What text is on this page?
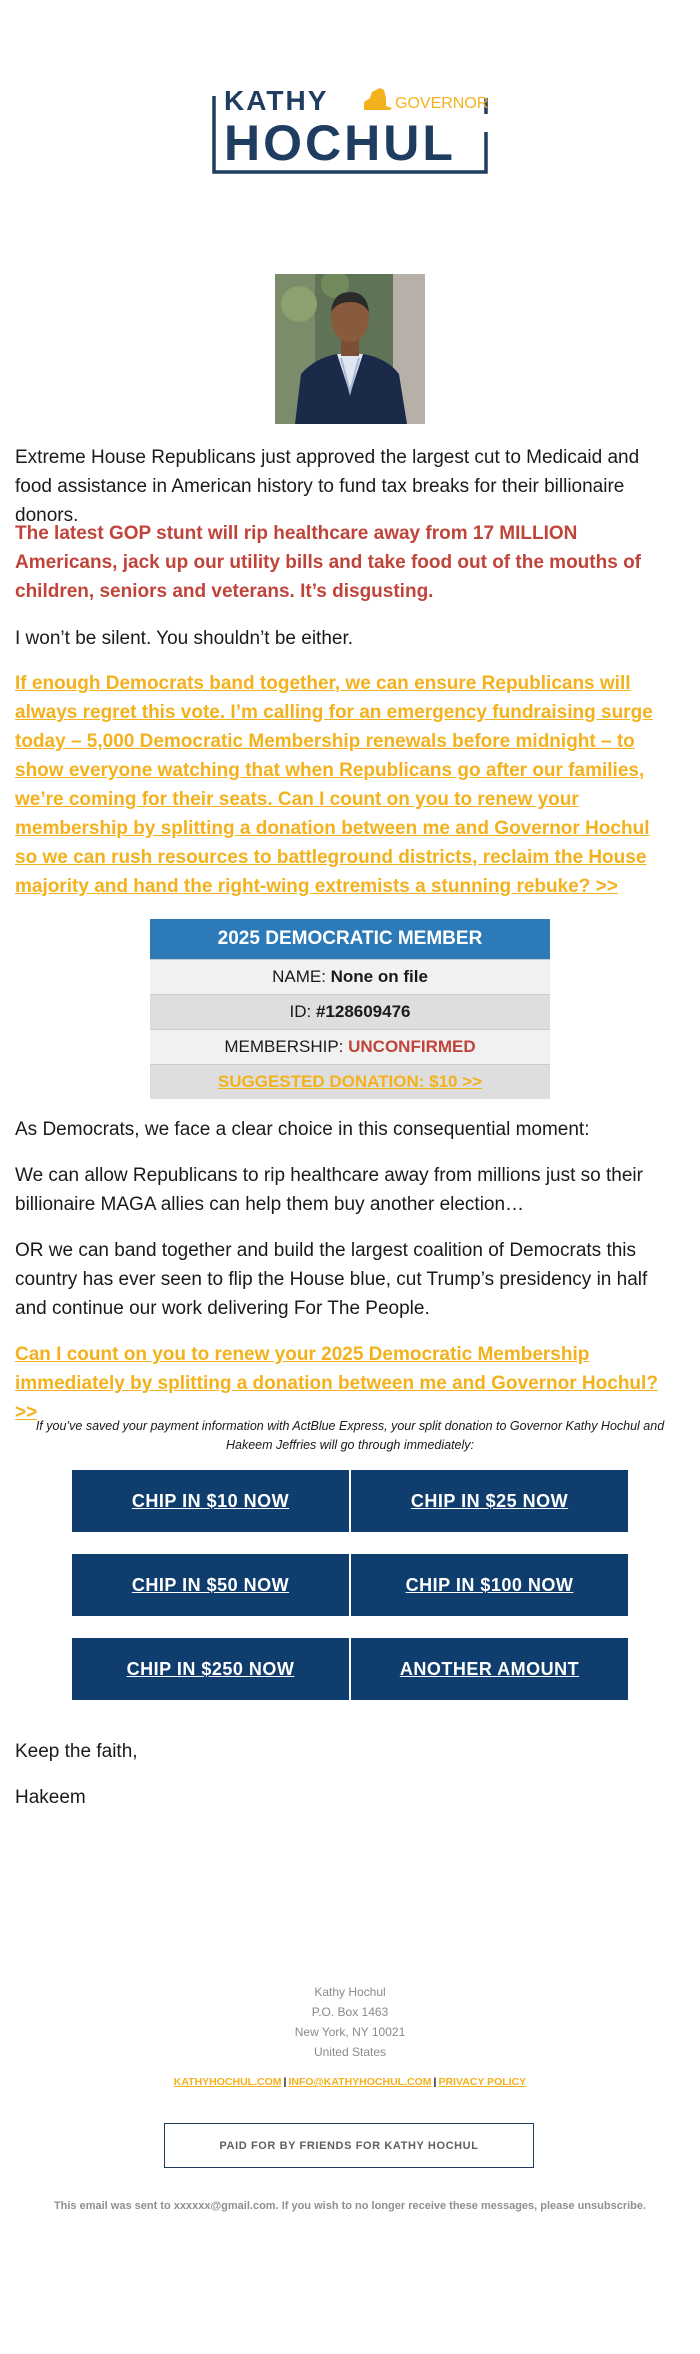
KATHY	GOVERNOR
HOCHUL

Extreme House Republicans just approved the largest cut to Medicaid and food assistance in American history to fund tax breaks for their billionaire donors.

The latest GOP stunt will rip healthcare away from 17 MILLION Americans, jack up our utility bills and take food out of the mouths of children, seniors and veterans. It’s disgusting.

I won’t be silent. You shouldn’t be either.

If enough Democrats band together, we can ensure Republicans will always regret this vote. I’m calling for an emergency fundraising surge today – 5,000 Democratic Membership renewals before midnight – to show everyone watching that when Republicans go after our families, we’re coming for their seats. Can I count on you to renew your membership by splitting a donation between me and Governor Hochul so we can rush resources to battleground districts, reclaim the House majority and hand the right-wing extremists a stunning rebuke? >>
2025 DEMOCRATIC MEMBER
NAME: None on file
ID: #128609476
MEMBERSHIP: UNCONFIRMED
SUGGESTED DONATION: $10 >>

As Democrats, we face a clear choice in this consequential moment:

We can allow Republicans to rip healthcare away from millions just so their billionaire MAGA allies can help them buy another election…

OR we can band together and build the largest coalition of Democrats this country has ever seen to flip the House blue, cut Trump’s presidency in half and continue our work delivering For The People.

Can I count on you to renew your 2025 Democratic Membership immediately by splitting a donation between me and Governor Hochul? >>
If you’ve saved your payment information with ActBlue Express, your split donation to Governor Kathy Hochul and Hakeem Jeffries will go through immediately:
CHIP IN $10 NOW	CHIP IN $25 NOW
CHIP IN $50 NOW	CHIP IN $100 NOW
CHIP IN $250 NOW	ANOTHER AMOUNT

Keep the faith,

Hakeem

Kathy Hochul
P.O. Box 1463
New York, NY 10021
United States
KATHYHOCHUL.COM | INFO@KATHYHOCHUL.COM | PRIVACY POLICY
PAID FOR BY FRIENDS FOR KATHY HOCHUL
This email was sent to xxxxxx@gmail.com. If you wish to no longer receive these messages, please unsubscribe.
